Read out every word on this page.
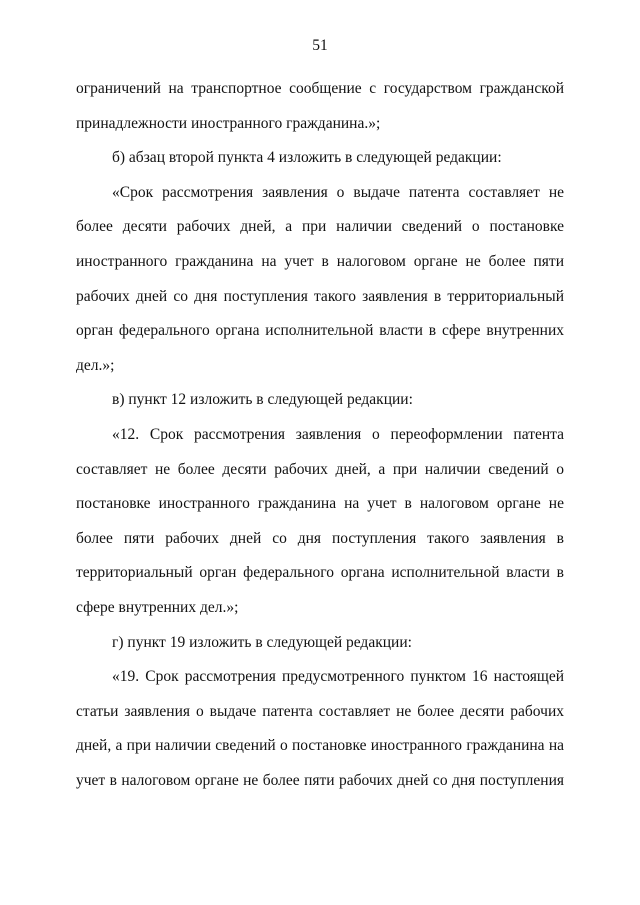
51

ограничений на транспортное сообщение с государством гражданской принадлежности иностранного гражданина.»;

б) абзац второй пункта 4 изложить в следующей редакции:

«Срок рассмотрения заявления о выдаче патента составляет не более десяти рабочих дней, а при наличии сведений о постановке иностранного гражданина на учет в налоговом органе не более пяти рабочих дней со дня поступления такого заявления в территориальный орган федерального органа исполнительной власти в сфере внутренних дел.»;

в) пункт 12 изложить в следующей редакции:

«12. Срок рассмотрения заявления о переоформлении патента составляет не более десяти рабочих дней, а при наличии сведений о постановке иностранного гражданина на учет в налоговом органе не более пяти рабочих дней со дня поступления такого заявления в территориальный орган федерального органа исполнительной власти в сфере внутренних дел.»;

г) пункт 19 изложить в следующей редакции:

«19. Срок рассмотрения предусмотренного пунктом 16 настоящей статьи заявления о выдаче патента составляет не более десяти рабочих дней, а при наличии сведений о постановке иностранного гражданина на учет в налоговом органе не более пяти рабочих дней со дня поступления
